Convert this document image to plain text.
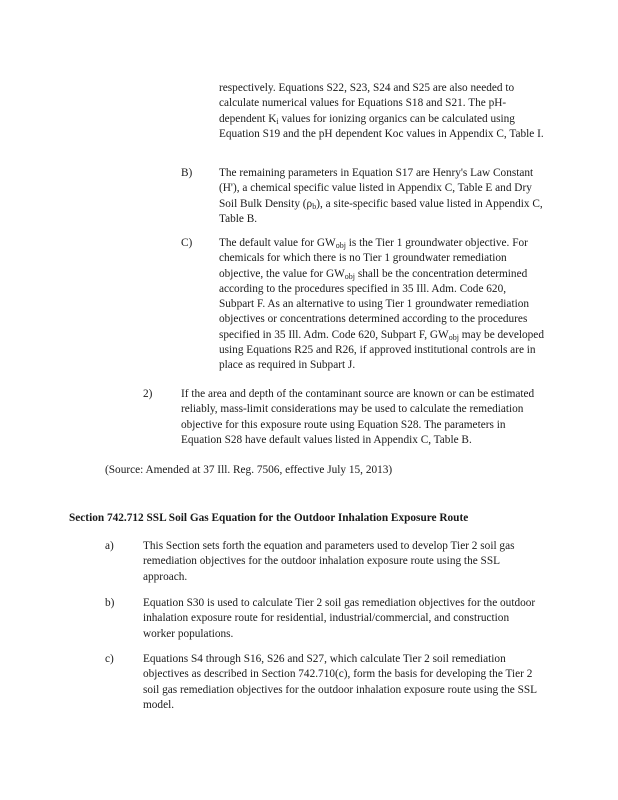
respectively. Equations S22, S23, S24 and S25 are also needed to calculate numerical values for Equations S18 and S21. The pH-dependent $K_i$ values for ionizing organics can be calculated using Equation S19 and the pH dependent Koc values in Appendix C, Table I.

B) The remaining parameters in Equation S17 are Henry's Law Constant (H'), a chemical specific value listed in Appendix C, Table E and Dry Soil Bulk Density $(\rho_b)$, a site-specific based value listed in Appendix C, Table B.

C) The default value for $GW_{obj}$ is the Tier 1 groundwater objective. For chemicals for which there is no Tier 1 groundwater remediation objective, the value for $GW_{obj}$ shall be the concentration determined according to the procedures specified in 35 Ill. Adm. Code 620, Subpart F. As an alternative to using Tier 1 groundwater remediation objectives or concentrations determined according to the procedures specified in 35 Ill. Adm. Code 620, Subpart F, $GW_{obj}$ may be developed using Equations R25 and R26, if approved institutional controls are in place as required in Subpart J.

2)	If the area and depth of the contaminant source are known or can be estimated reliably, mass-limit considerations may be used to calculate the remediation objective for this exposure route using Equation S28. The parameters in Equation S28 have default values listed in Appendix C, Table B.

(Source: Amended at 37 Ill. Reg. 7506, effective July 15, 2013)
Section 742.712 SSL Soil Gas Equation for the Outdoor Inhalation Exposure Route
a)	This Section sets forth the equation and parameters used to develop Tier 2 soil gas remediation objectives for the outdoor inhalation exposure route using the SSL approach.

b)	Equation S30 is used to calculate Tier 2 soil gas remediation objectives for the outdoor inhalation exposure route for residential, industrial/commercial, and construction worker populations.

c)	Equations S4 through S16, S26 and S27, which calculate Tier 2 soil remediation objectives as described in Section 742.710(c), form the basis for developing the Tier 2 soil gas remediation objectives for the outdoor inhalation exposure route using the SSL model.
